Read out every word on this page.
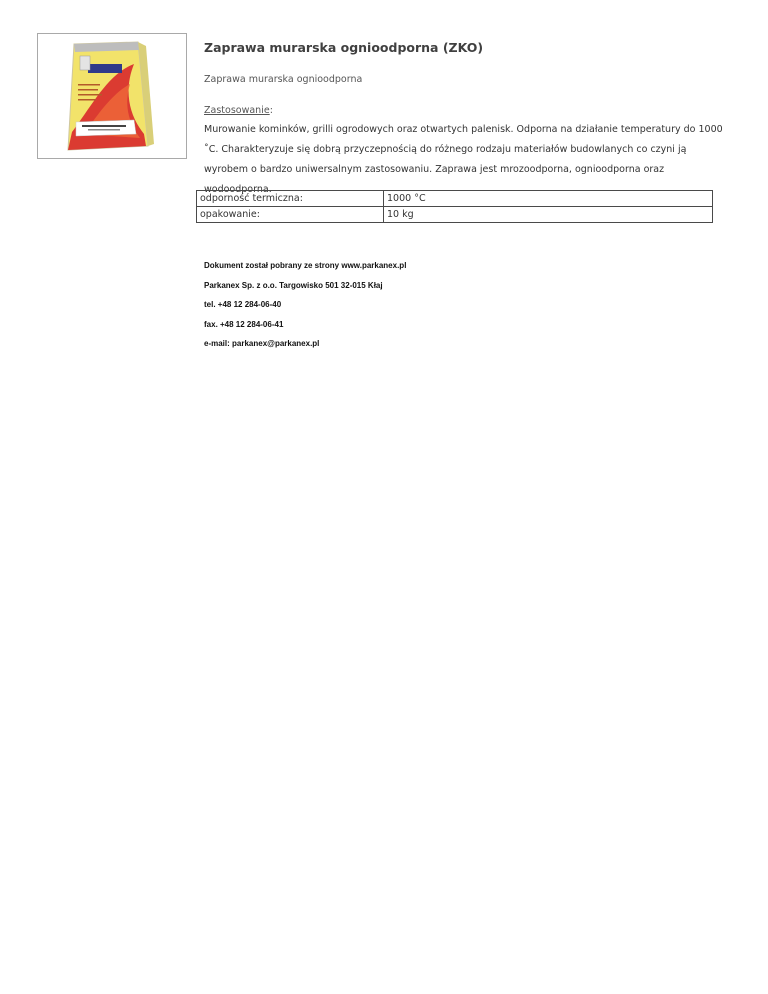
Zaprawa murarska ognioodporna (ZKO)
Zaprawa murarska ognioodporna
Zastosowanie:
Murowanie kominków, grilli ogrodowych oraz otwartych palenisk. Odporna na działanie temperatury do 1000 ˚C. Charakteryzuje się dobrą przyczepnością do różnego rodzaju materiałów budowlanych co czyni ją wyrobem o bardzo uniwersalnym zastosowaniu. Zaprawa jest mrozoodporna, ognioodporna oraz wodoodporna.
odporność termiczna:	1000 °C
opakowanie:	10 kg
Dokument został pobrany ze strony www.parkanex.pl
Parkanex Sp. z o.o. Targowisko 501 32-015 Kłaj
tel. +48 12 284-06-40
fax. +48 12 284-06-41
e-mail: parkanex@parkanex.pl
